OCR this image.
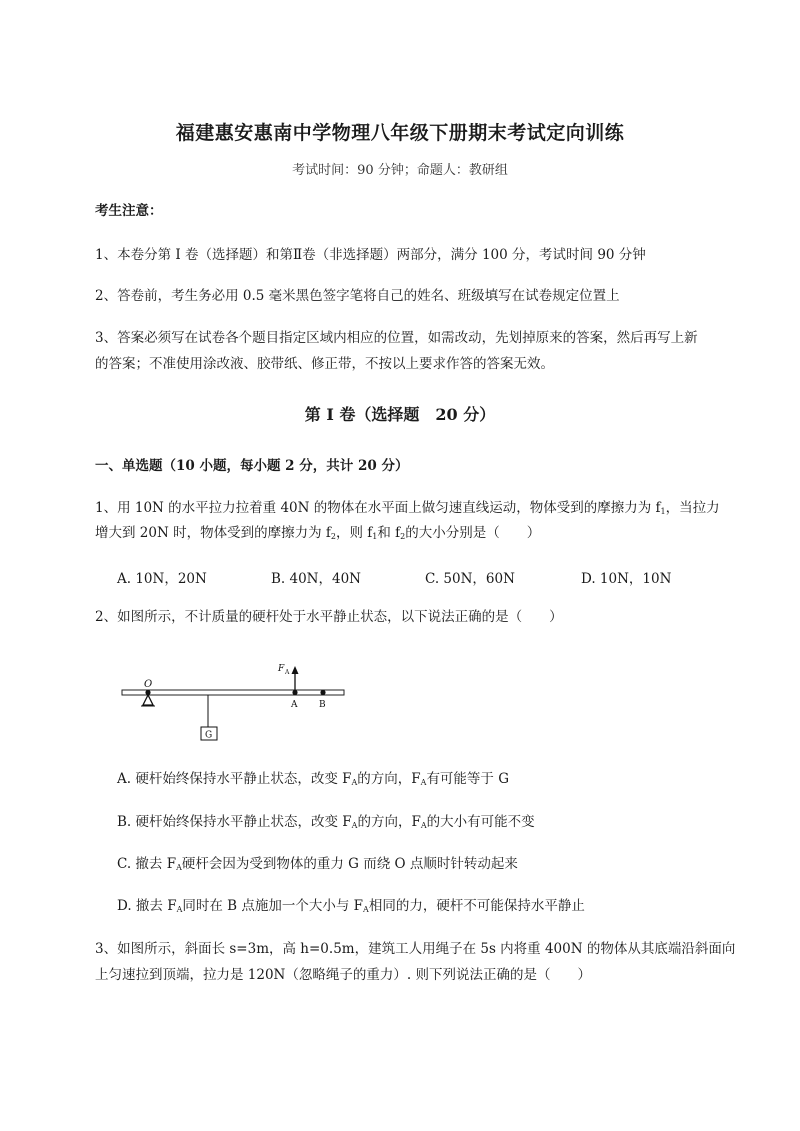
福建惠安惠南中学物理八年级下册期末考试定向训练
考试时间：90 分钟；命题人：教研组
考生注意：
1、本卷分第 I 卷（选择题）和第Ⅱ卷（非选择题）两部分，满分 100 分，考试时间 90 分钟
2、答卷前，考生务必用 0.5 毫米黑色签字笔将自己的姓名、班级填写在试卷规定位置上
3、答案必须写在试卷各个题目指定区域内相应的位置，如需改动，先划掉原来的答案，然后再写上新
的答案；不准使用涂改液、胶带纸、修正带，不按以上要求作答的答案无效。
第 I 卷（选择题　20 分）
一、单选题（10 小题，每小题 2 分，共计 20 分）
1、用 10N 的水平拉力拉着重 40N 的物体在水平面上做匀速直线运动，物体受到的摩擦力为 $f_1$，当拉力
增大到 20N 时，物体受到的摩擦力为 $f_2$，则 $f_1$和 $f_2$的大小分别是（　　）
A. 10N，20N	B. 40N，40N	C. 50N，60N	D. 10N，10N
2、如图所示，不计质量的硬杆处于水平静止状态，以下说法正确的是（　　）
O
G
F A
A B
A. 硬杆始终保持水平静止状态，改变 $F_A$的方向，$F_A$有可能等于 G
B. 硬杆始终保持水平静止状态，改变 $F_A$的方向，$F_A$的大小有可能不变
C. 撤去 $F_A$硬杆会因为受到物体的重力 G 而绕 O 点顺时针转动起来
D. 撤去 $F_A$同时在 B 点施加一个大小与 $F_A$相同的力，硬杆不可能保持水平静止
3、如图所示，斜面长 s=3m，高 h=0.5m，建筑工人用绳子在 5s 内将重 400N 的物体从其底端沿斜面向
上匀速拉到顶端，拉力是 120N（忽略绳子的重力）. 则下列说法正确的是（　　）
